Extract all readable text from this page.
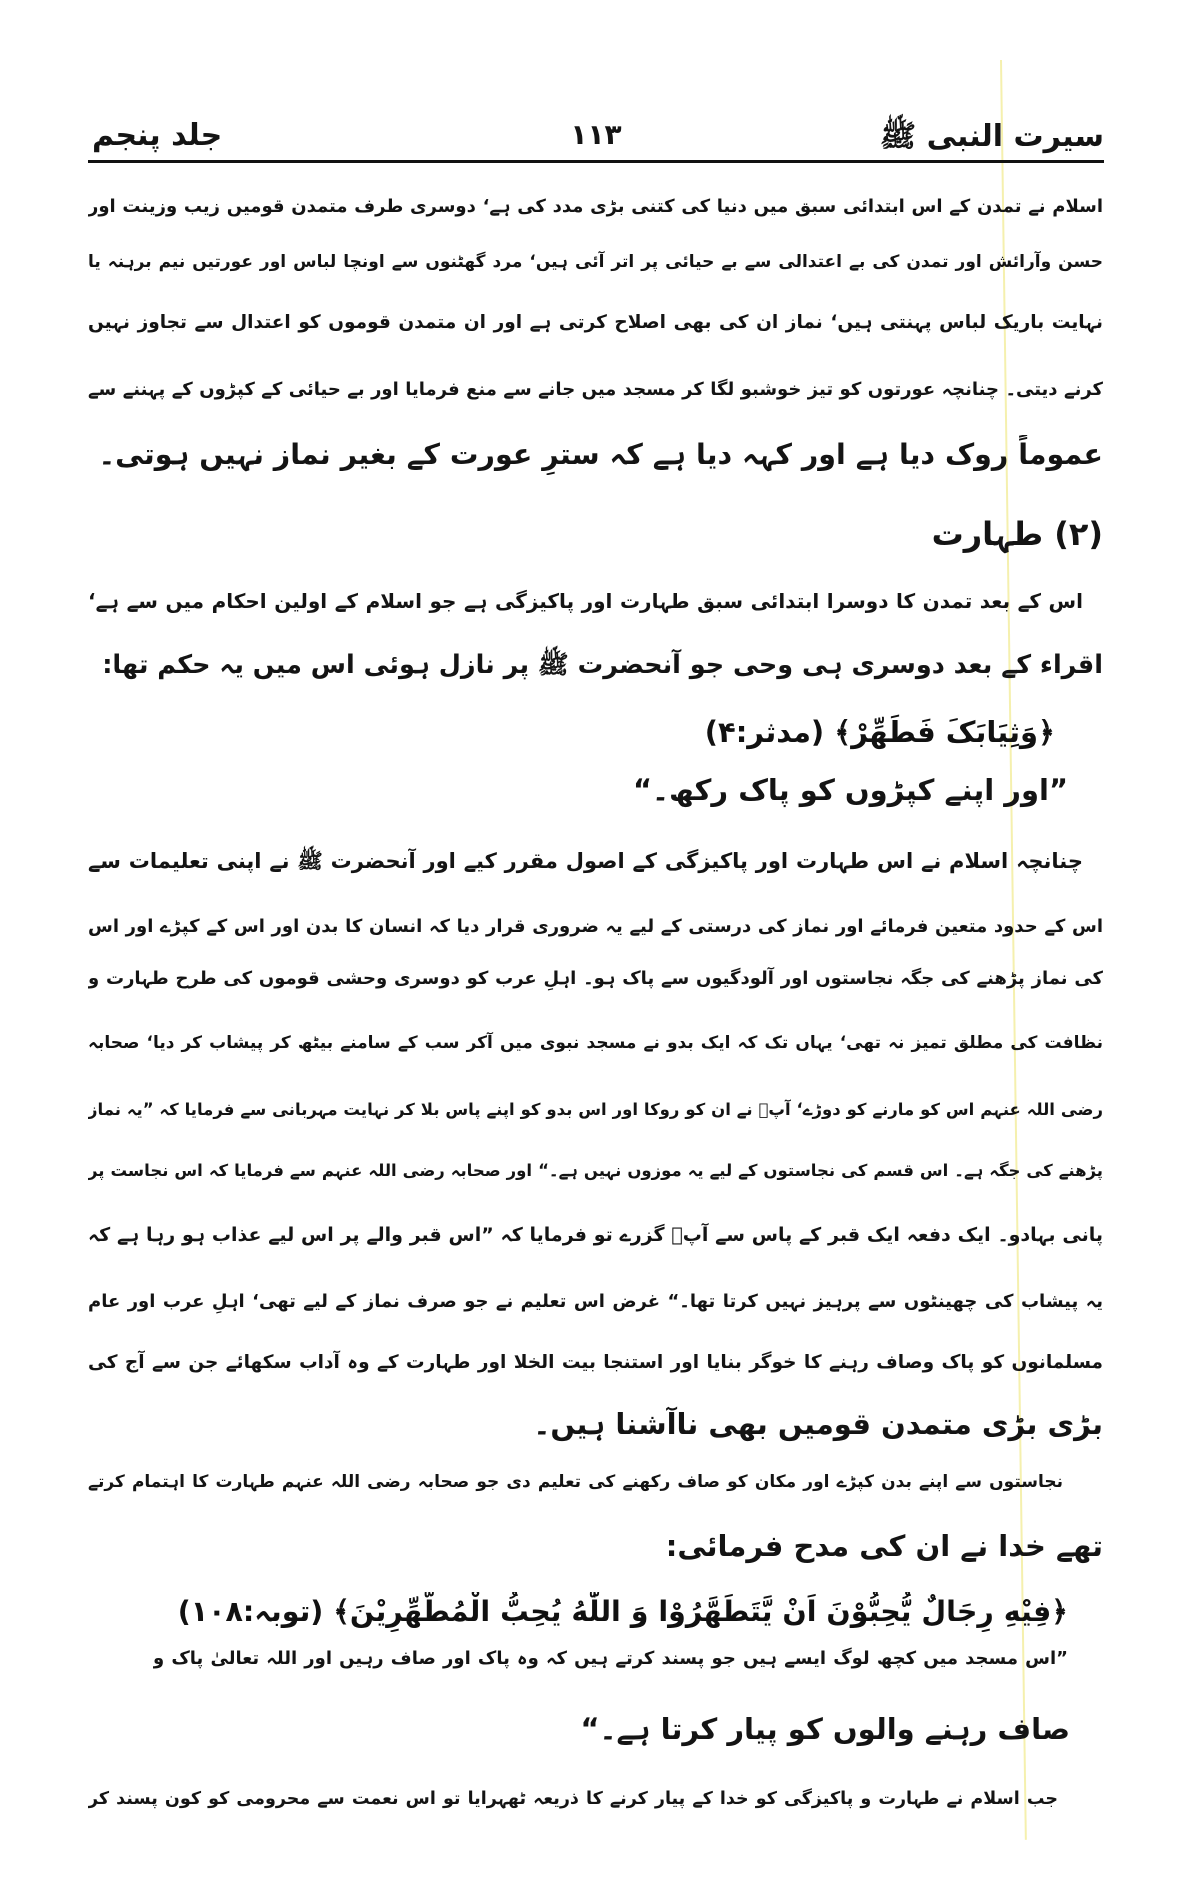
سیرت النبی ﷺ
۱۱۳
جلد پنجم
اسلام نے تمدن کے اس ابتدائی سبق میں دنیا کی کتنی بڑی مدد کی ہے‘ دوسری طرف متمدن قومیں زیب وزینت اور
حسن وآرائش اور تمدن کی بے اعتدالی سے بے حیائی پر اتر آئی ہیں‘ مرد گھٹنوں سے اونچا لباس اور عورتیں نیم برہنہ یا
نہایت باریک لباس پہنتی ہیں‘ نماز ان کی بھی اصلاح کرتی ہے اور ان متمدن قوموں کو اعتدال سے تجاوز نہیں
کرنے دیتی۔ چنانچہ عورتوں کو تیز خوشبو لگا کر مسجد میں جانے سے منع فرمایا اور بے حیائی کے کپڑوں کے پہننے سے
عموماً روک دیا ہے اور کہہ دیا ہے کہ سترِ عورت کے بغیر نماز نہیں ہوتی۔
(۲) طہارت
اس کے بعد تمدن کا دوسرا ابتدائی سبق طہارت اور پاکیزگی ہے جو اسلام کے اولین احکام میں سے ہے‘
اقراء کے بعد دوسری ہی وحی جو آنحضرت ﷺ پر نازل ہوئی اس میں یہ حکم تھا:
﴿وَثِیَابَکَ فَطَهِّرْ﴾ (مدثر:۴)
”اور اپنے کپڑوں کو پاک رکھ۔“
چنانچہ اسلام نے اس طہارت اور پاکیزگی کے اصول مقرر کیے اور آنحضرت ﷺ نے اپنی تعلیمات سے
اس کے حدود متعین فرمائے اور نماز کی درستی کے لیے یہ ضروری قرار دیا کہ انسان کا بدن اور اس کے کپڑے اور اس
کی نماز پڑھنے کی جگہ نجاستوں اور آلودگیوں سے پاک ہو۔ اہلِ عرب کو دوسری وحشی قوموں کی طرح طہارت و
نظافت کی مطلق تمیز نہ تھی‘ یہاں تک کہ ایک بدو نے مسجد نبوی میں آکر سب کے سامنے بیٹھ کر پیشاب کر دیا‘ صحابہ
رضی اللہ عنہم اس کو مارنے کو دوڑے‘ آپؐ نے ان کو روکا اور اس بدو کو اپنے پاس بلا کر نہایت مہربانی سے فرمایا کہ ”یہ نماز
پڑھنے کی جگہ ہے۔ اس قسم کی نجاستوں کے لیے یہ موزوں نہیں ہے۔“ اور صحابہ رضی اللہ عنہم سے فرمایا کہ اس نجاست پر
پانی بہادو۔ ایک دفعہ ایک قبر کے پاس سے آپؐ گزرے تو فرمایا کہ ”اس قبر والے پر اس لیے عذاب ہو رہا ہے کہ
یہ پیشاب کی چھینٹوں سے پرہیز نہیں کرتا تھا۔“ غرض اس تعلیم نے جو صرف نماز کے لیے تھی‘ اہلِ عرب اور عام
مسلمانوں کو پاک وصاف رہنے کا خوگر بنایا اور استنجا بیت الخلا اور طہارت کے وہ آداب سکھائے جن سے آج کی
بڑی بڑی متمدن قومیں بھی ناآشنا ہیں۔
نجاستوں سے اپنے بدن کپڑے اور مکان کو صاف رکھنے کی تعلیم دی جو صحابہ رضی اللہ عنہم طہارت کا اہتمام کرتے
تھے خدا نے ان کی مدح فرمائی:
﴿فِیْهِ رِجَالٌ یُّحِبُّوْنَ اَنْ یَّتَطَهَّرُوْا وَ اللّٰهُ یُحِبُّ الْمُطَّهِّرِیْنَ﴾ (توبہ:۱۰۸)
”اس مسجد میں کچھ لوگ ایسے ہیں جو پسند کرتے ہیں کہ وہ پاک اور صاف رہیں اور اللہ تعالیٰ پاک و
صاف رہنے والوں کو پیار کرتا ہے۔“
جب اسلام نے طہارت و پاکیزگی کو خدا کے پیار کرنے کا ذریعہ ٹھہرایا تو اس نعمت سے محرومی کو کون پسند کر
